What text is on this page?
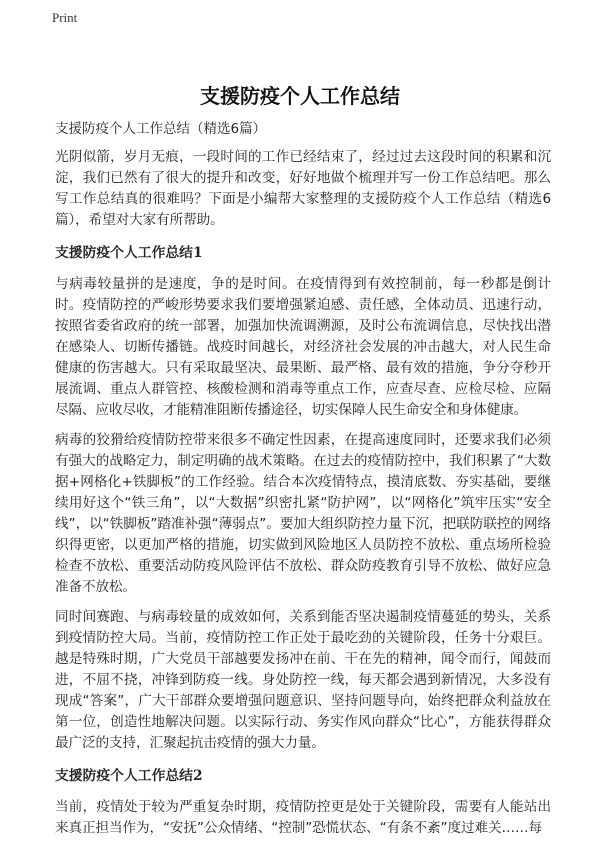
Print
支援防疫个人工作总结
支援防疫个人工作总结（精选6篇）

光阴似箭，岁月无痕，一段时间的工作已经结束了，经过过去这段时间的积累和沉淀，我们已然有了很大的提升和改变，好好地做个梳理并写一份工作总结吧。那么写工作总结真的很难吗？下面是小编帮大家整理的支援防疫个人工作总结（精选6篇），希望对大家有所帮助。

支援防疫个人工作总结1

与病毒较量拼的是速度，争的是时间。在疫情得到有效控制前，每一秒都是倒计时。疫情防控的严峻形势要求我们要增强紧迫感、责任感，全体动员、迅速行动，按照省委省政府的统一部署，加强加快流调溯源，及时公布流调信息，尽快找出潜在感染人、切断传播链。战疫时间越长，对经济社会发展的冲击越大，对人民生命健康的伤害越大。只有采取最坚决、最果断、最严格、最有效的措施，争分夺秒开展流调、重点人群管控、核酸检测和消毒等重点工作，应查尽查、应检尽检、应隔尽隔、应收尽收，才能精准阻断传播途径，切实保障人民生命安全和身体健康。

病毒的狡猾给疫情防控带来很多不确定性因素，在提高速度同时，还要求我们必须有强大的战略定力，制定明确的战术策略。在过去的疫情防控中，我们积累了“大数据+网格化+铁脚板”的工作经验。结合本次疫情特点，摸清底数、夯实基础，要继续用好这个“铁三角”，以“大数据”织密扎紧“防护网”，以“网格化”筑牢压实“安全线”，以“铁脚板”踏准补强“薄弱点”。要加大组织防控力量下沉，把联防联控的网络织得更密，以更加严格的措施，切实做到风险地区人员防控不放松、重点场所检验检查不放松、重要活动防疫风险评估不放松、群众防疫教育引导不放松、做好应急准备不放松。

同时间赛跑、与病毒较量的成效如何，关系到能否坚决遏制疫情蔓延的势头，关系到疫情防控大局。当前，疫情防控工作正处于最吃劲的关键阶段，任务十分艰巨。越是特殊时期，广大党员干部越要发扬冲在前、干在先的精神，闻令而行，闻鼓而进，不屈不挠，冲锋到防疫一线。身处防控一线，每天都会遇到新情况，大多没有现成“答案”，广大干部群众要增强问题意识、坚持问题导向，始终把群众利益放在第一位，创造性地解决问题。以实际行动、务实作风向群众“比心”，方能获得群众最广泛的支持，汇聚起抗击疫情的强大力量。

支援防疫个人工作总结2

当前，疫情处于较为严重复杂时期，疫情防控更是处于关键阶段，需要有人能站出来真正担当作为，“安抚”公众情绪、“控制”恐慌状态、“有条不紊”度过难关……每
